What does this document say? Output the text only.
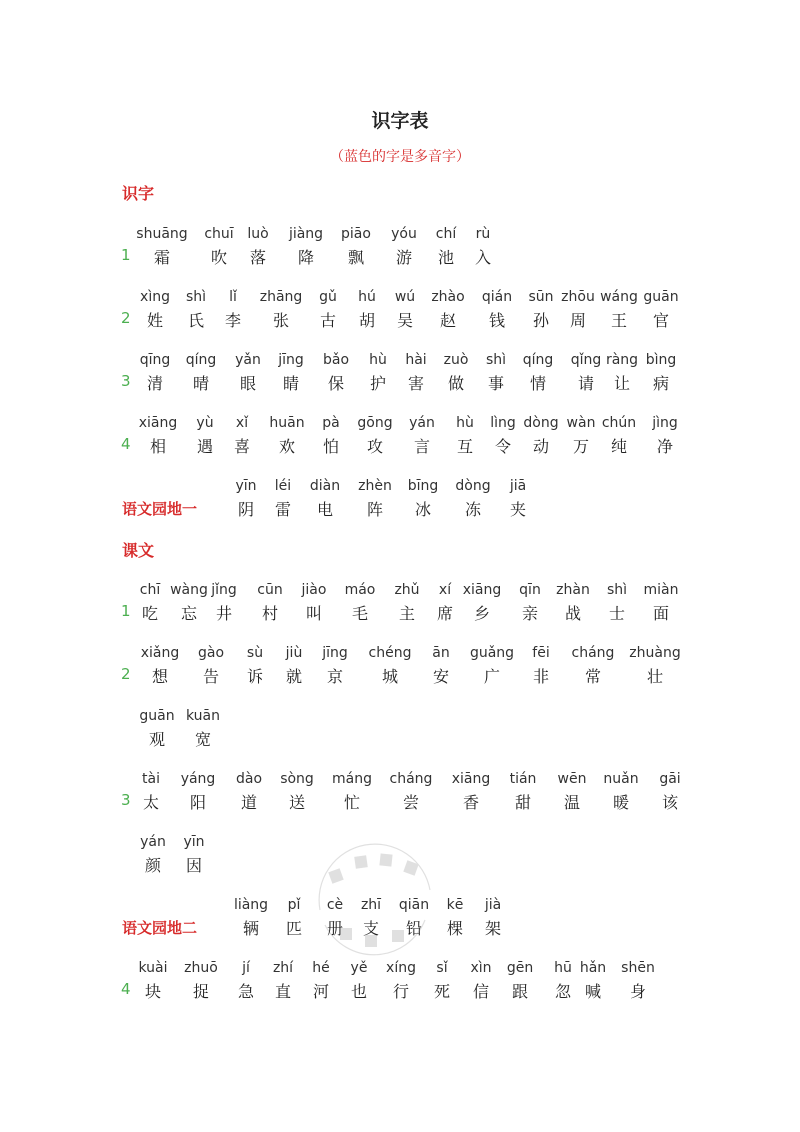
识字表
（蓝色的字是多音字）
识字
课文
1
shuāng
霜
chuī
吹
luò
落
jiàng
降
piāo
飘
yóu
游
chí
池
rù
入
2
xìng
姓
shì
氏
lǐ
李
zhāng
张
gǔ
古
hú
胡
wú
吴
zhào
赵
qián
钱
sūn
孙
zhōu
周
wáng
王
guān
官
3
qīng
清
qíng
晴
yǎn
眼
jīng
睛
bǎo
保
hù
护
hài
害
zuò
做
shì
事
qíng
情
qǐng
请
ràng
让
bìng
病
4
xiāng
相
yù
遇
xǐ
喜
huān
欢
pà
怕
gōng
攻
yán
言
hù
互
lìng
令
dòng
动
wàn
万
chún
纯
jìng
净
语文园地一
yīn
阴
léi
雷
diàn
电
zhèn
阵
bīng
冰
dòng
冻
jiā
夹
1
chī
吃
wàng
忘
jǐng
井
cūn
村
jiào
叫
máo
毛
zhǔ
主
xí
席
xiāng
乡
qīn
亲
zhàn
战
shì
士
miàn
面
2
xiǎng
想
gào
告
sù
诉
jiù
就
jīng
京
chéng
城
ān
安
guǎng
广
fēi
非
cháng
常
zhuàng
壮
guān
观
kuān
宽
3
tài
太
yáng
阳
dào
道
sòng
送
máng
忙
cháng
尝
xiāng
香
tián
甜
wēn
温
nuǎn
暖
gāi
该
yán
颜
yīn
因
语文园地二
liàng
辆
pǐ
匹
cè
册
zhī
支
qiān
铅
kē
棵
jià
架
4
kuài
块
zhuō
捉
jí
急
zhí
直
hé
河
yě
也
xíng
行
sǐ
死
xìn
信
gēn
跟
hū
忽
hǎn
喊
shēn
身
